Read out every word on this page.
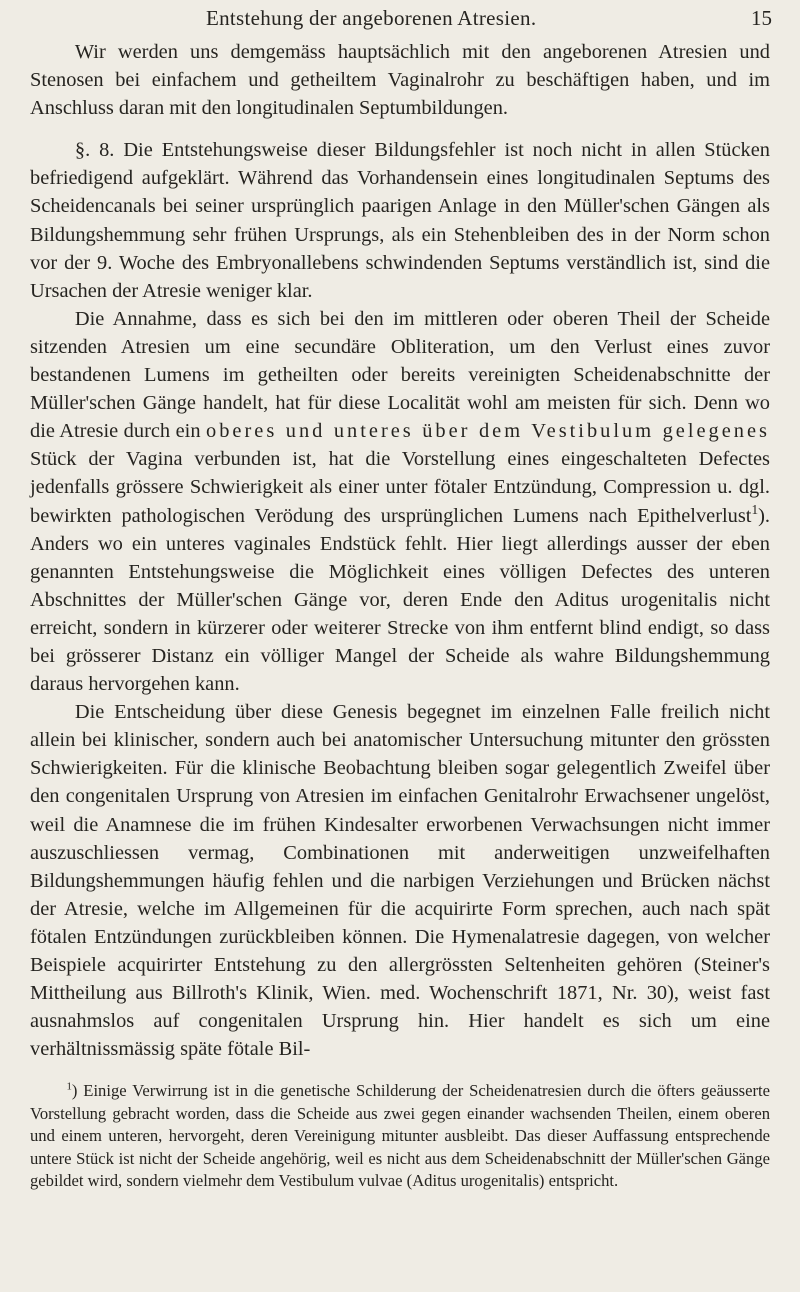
Entstehung der angeborenen Atresien.	15

Wir werden uns demgemäss hauptsächlich mit den angeborenen Atresien und Stenosen bei einfachem und getheiltem Vaginalrohr zu beschäftigen haben, und im Anschluss daran mit den longitudinalen Septumbildungen.

§. 8. Die Entstehungsweise dieser Bildungsfehler ist noch nicht in allen Stücken befriedigend aufgeklärt. Während das Vorhandensein eines longitudinalen Septums des Scheidencanals bei seiner ursprünglich paarigen Anlage in den Müller'schen Gängen als Bildungshemmung sehr frühen Ursprungs, als ein Stehenbleiben des in der Norm schon vor der 9. Woche des Embryonallebens schwindenden Septums verständlich ist, sind die Ursachen der Atresie weniger klar.

Die Annahme, dass es sich bei den im mittleren oder oberen Theil der Scheide sitzenden Atresien um eine secundäre Obliteration, um den Verlust eines zuvor bestandenen Lumens im getheilten oder bereits vereinigten Scheidenabschnitte der Müller'schen Gänge handelt, hat für diese Localität wohl am meisten für sich. Denn wo die Atresie durch ein oberes und unteres über dem Vestibulum gelegenes Stück der Vagina verbunden ist, hat die Vorstellung eines eingeschalteten Defectes jedenfalls grössere Schwierigkeit als einer unter fötaler Entzündung, Compression u. dgl. bewirkten pathologischen Verödung des ursprünglichen Lumens nach Epithelverlust$^1$). Anders wo ein unteres vaginales Endstück fehlt. Hier liegt allerdings ausser der eben genannten Entstehungsweise die Möglichkeit eines völligen Defectes des unteren Abschnittes der Müller'schen Gänge vor, deren Ende den Aditus urogenitalis nicht erreicht, sondern in kürzerer oder weiterer Strecke von ihm entfernt blind endigt, so dass bei grösserer Distanz ein völliger Mangel der Scheide als wahre Bildungshemmung daraus hervorgehen kann.

Die Entscheidung über diese Genesis begegnet im einzelnen Falle freilich nicht allein bei klinischer, sondern auch bei anatomischer Untersuchung mitunter den grössten Schwierigkeiten. Für die klinische Beobachtung bleiben sogar gelegentlich Zweifel über den congenitalen Ursprung von Atresien im einfachen Genitalrohr Erwachsener ungelöst, weil die Anamnese die im frühen Kindesalter erworbenen Verwachsungen nicht immer auszuschliessen vermag, Combinationen mit anderweitigen unzweifelhaften Bildungshemmungen häufig fehlen und die narbigen Verziehungen und Brücken nächst der Atresie, welche im Allgemeinen für die acquirirte Form sprechen, auch nach spät fötalen Entzündungen zurückbleiben können. Die Hymenalatresie dagegen, von welcher Beispiele acquirirter Entstehung zu den allergrössten Seltenheiten gehören (Steiner's Mittheilung aus Billroth's Klinik, Wien. med. Wochenschrift 1871, Nr. 30), weist fast ausnahmslos auf congenitalen Ursprung hin. Hier handelt es sich um eine verhältnissmässig späte fötale Bil-

$^1$) Einige Verwirrung ist in die genetische Schilderung der Scheidenatresien durch die öfters geäusserte Vorstellung gebracht worden, dass die Scheide aus zwei gegen einander wachsenden Theilen, einem oberen und einem unteren, hervorgeht, deren Vereinigung mitunter ausbleibt. Das dieser Auffassung entsprechende untere Stück ist nicht der Scheide angehörig, weil es nicht aus dem Scheidenabschnitt der Müller'schen Gänge gebildet wird, sondern vielmehr dem Vestibulum vulvae (Aditus urogenitalis) entspricht.
